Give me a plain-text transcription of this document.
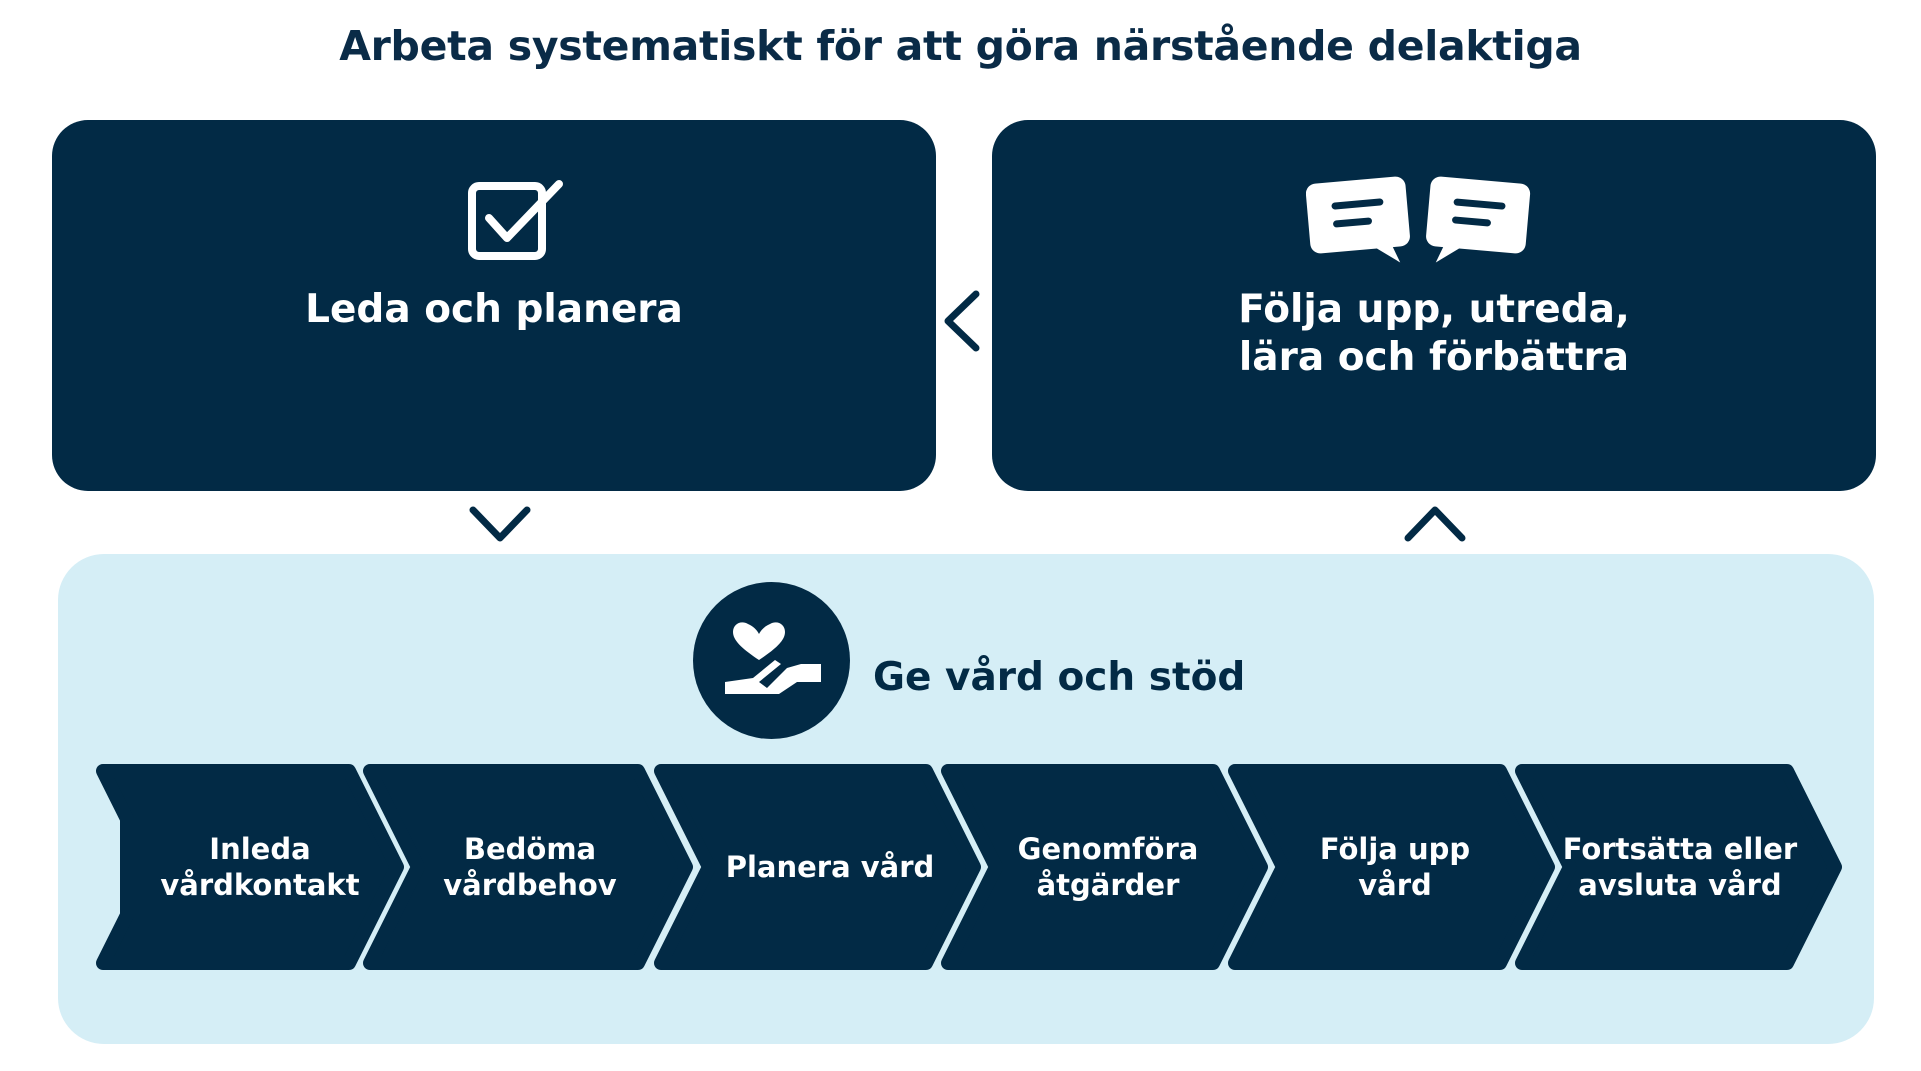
Arbeta systematiskt för att göra närstående delaktiga
Leda och planera	Följa upp, utreda,
lära och förbättra
Ge vård och stöd
Inleda
vårdkontakt
Bedöma
vårdbehov
Planera vård
Genomföra
åtgärder
Följa upp
vård
Fortsätta eller
avsluta vård
